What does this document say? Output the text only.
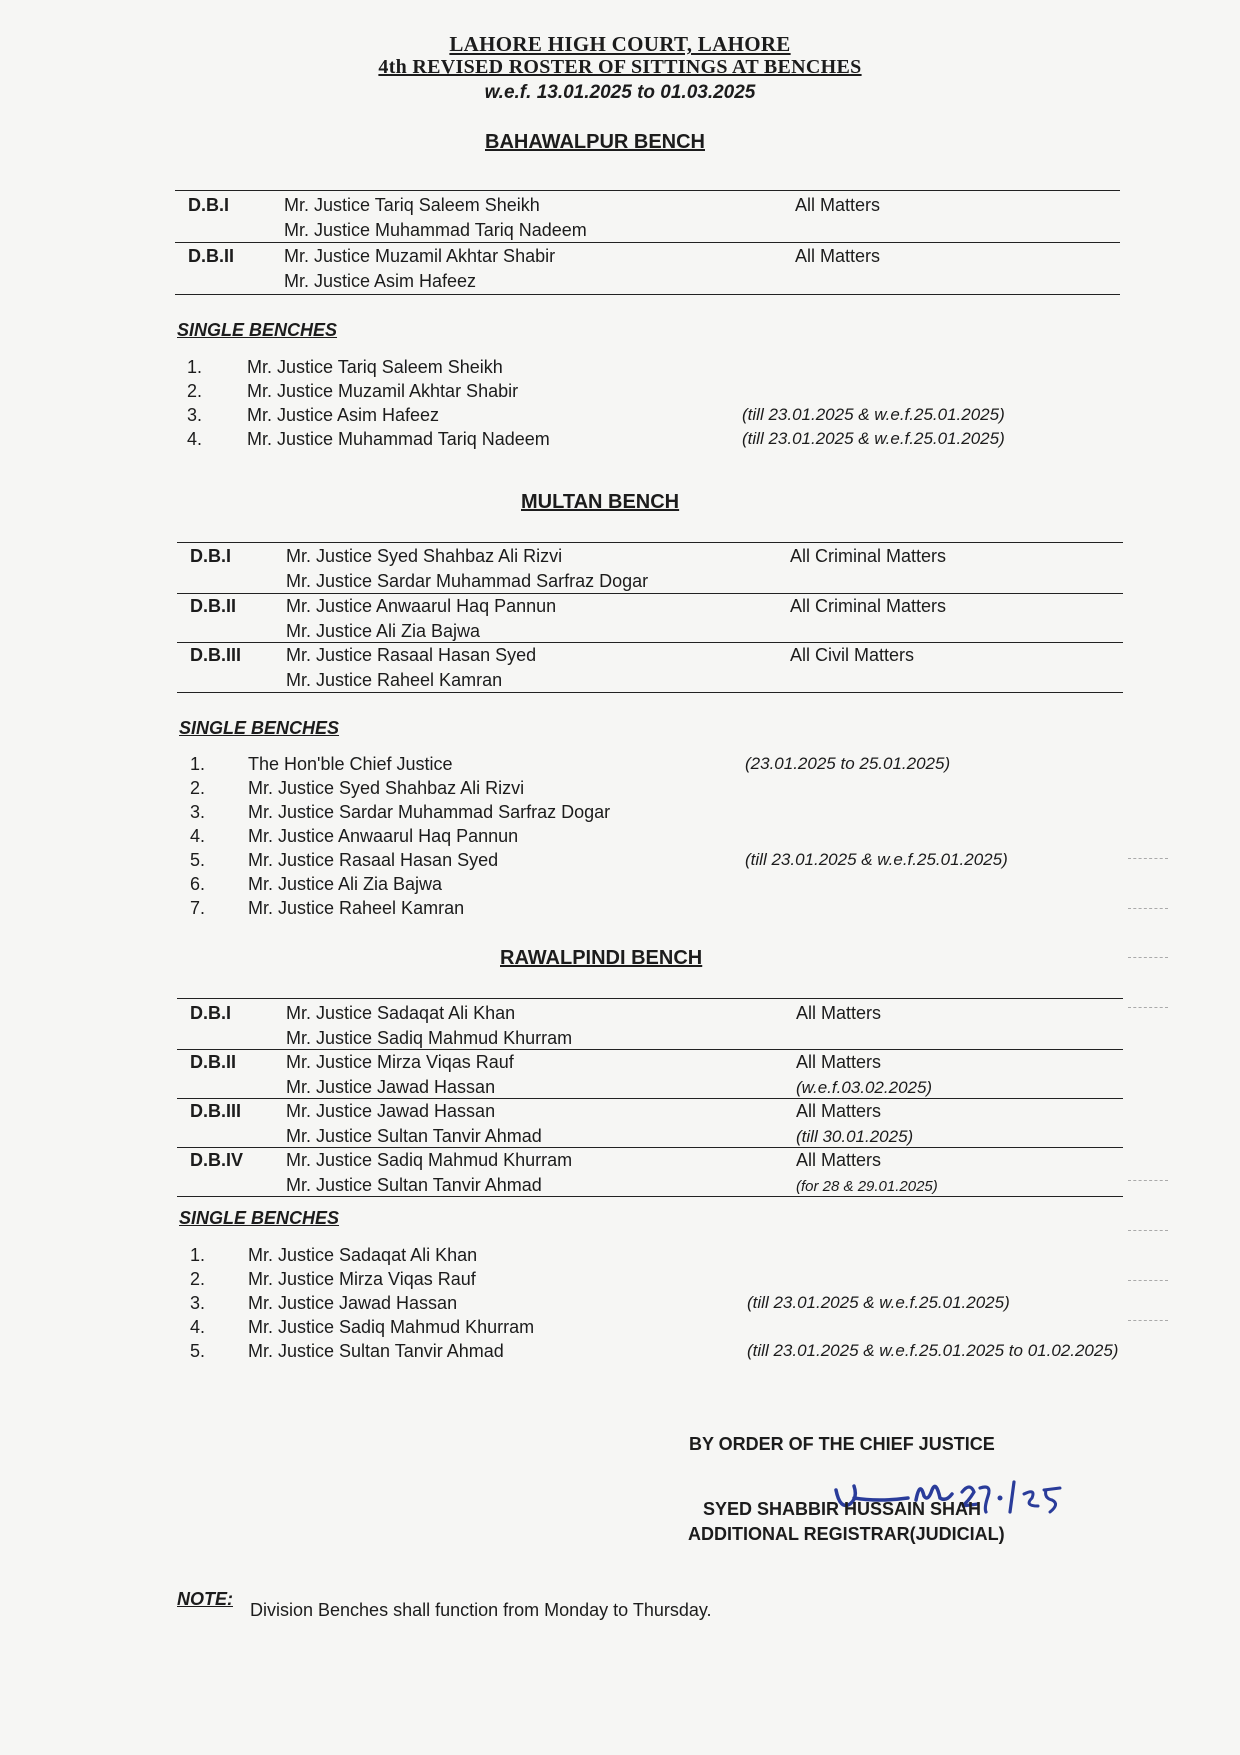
LAHORE HIGH COURT, LAHORE
4th REVISED ROSTER OF SITTINGS AT BENCHES
w.e.f. 13.01.2025 to 01.03.2025
BAHAWALPUR BENCH
D.B.I	Mr. Justice Tariq Saleem Sheikh
Mr. Justice Muhammad Tariq Nadeem
All Matters
D.B.II	Mr. Justice Muzamil Akhtar Shabir
Mr. Justice Asim Hafeez
All Matters
SINGLE BENCHES
1. Mr. Justice Tariq Saleem Sheikh
2. Mr. Justice Muzamil Akhtar Shabir
3. Mr. Justice Asim Hafeez	(till 23.01.2025 & w.e.f.25.01.2025)
4. Mr. Justice Muhammad Tariq Nadeem	(till 23.01.2025 & w.e.f.25.01.2025)
MULTAN BENCH
D.B.I	Mr. Justice Syed Shahbaz Ali Rizvi
Mr. Justice Sardar Muhammad Sarfraz Dogar
All Criminal Matters
D.B.II	Mr. Justice Anwaarul Haq Pannun
Mr. Justice Ali Zia Bajwa
All Criminal Matters
D.B.III Mr. Justice Rasaal Hasan Syed
Mr. Justice Raheel Kamran
All Civil Matters
SINGLE BENCHES
1. The Hon'ble Chief Justice	(23.01.2025 to 25.01.2025)
2. Mr. Justice Syed Shahbaz Ali Rizvi
3. Mr. Justice Sardar Muhammad Sarfraz Dogar
4. Mr. Justice Anwaarul Haq Pannun
5. Mr. Justice Rasaal Hasan Syed	(till 23.01.2025 & w.e.f.25.01.2025)
6. Mr. Justice Ali Zia Bajwa
7. Mr. Justice Raheel Kamran
RAWALPINDI BENCH
D.B.I	Mr. Justice Sadaqat Ali Khan
Mr. Justice Sadiq Mahmud Khurram
All Matters
D.B.II	Mr. Justice Mirza Viqas Rauf
Mr. Justice Jawad Hassan
All Matters
(w.e.f.03.02.2025)
D.B.III Mr. Justice Jawad Hassan
Mr. Justice Sultan Tanvir Ahmad
All Matters
(till 30.01.2025)
D.B.IV Mr. Justice Sadiq Mahmud Khurram
Mr. Justice Sultan Tanvir Ahmad
All Matters
(for 28 & 29.01.2025)
SINGLE BENCHES
1. Mr. Justice Sadaqat Ali Khan
2. Mr. Justice Mirza Viqas Rauf
3. Mr. Justice Jawad Hassan	(till 23.01.2025 & w.e.f.25.01.2025)
4. Mr. Justice Sadiq Mahmud Khurram
5. Mr. Justice Sultan Tanvir Ahmad	(till 23.01.2025 & w.e.f.25.01.2025 to 01.02.2025)
BY ORDER OF THE CHIEF JUSTICE
SYED SHABBIR HUSSAIN SHAH
ADDITIONAL REGISTRAR(JUDICIAL)
NOTE:
Division Benches shall function from Monday to Thursday.
